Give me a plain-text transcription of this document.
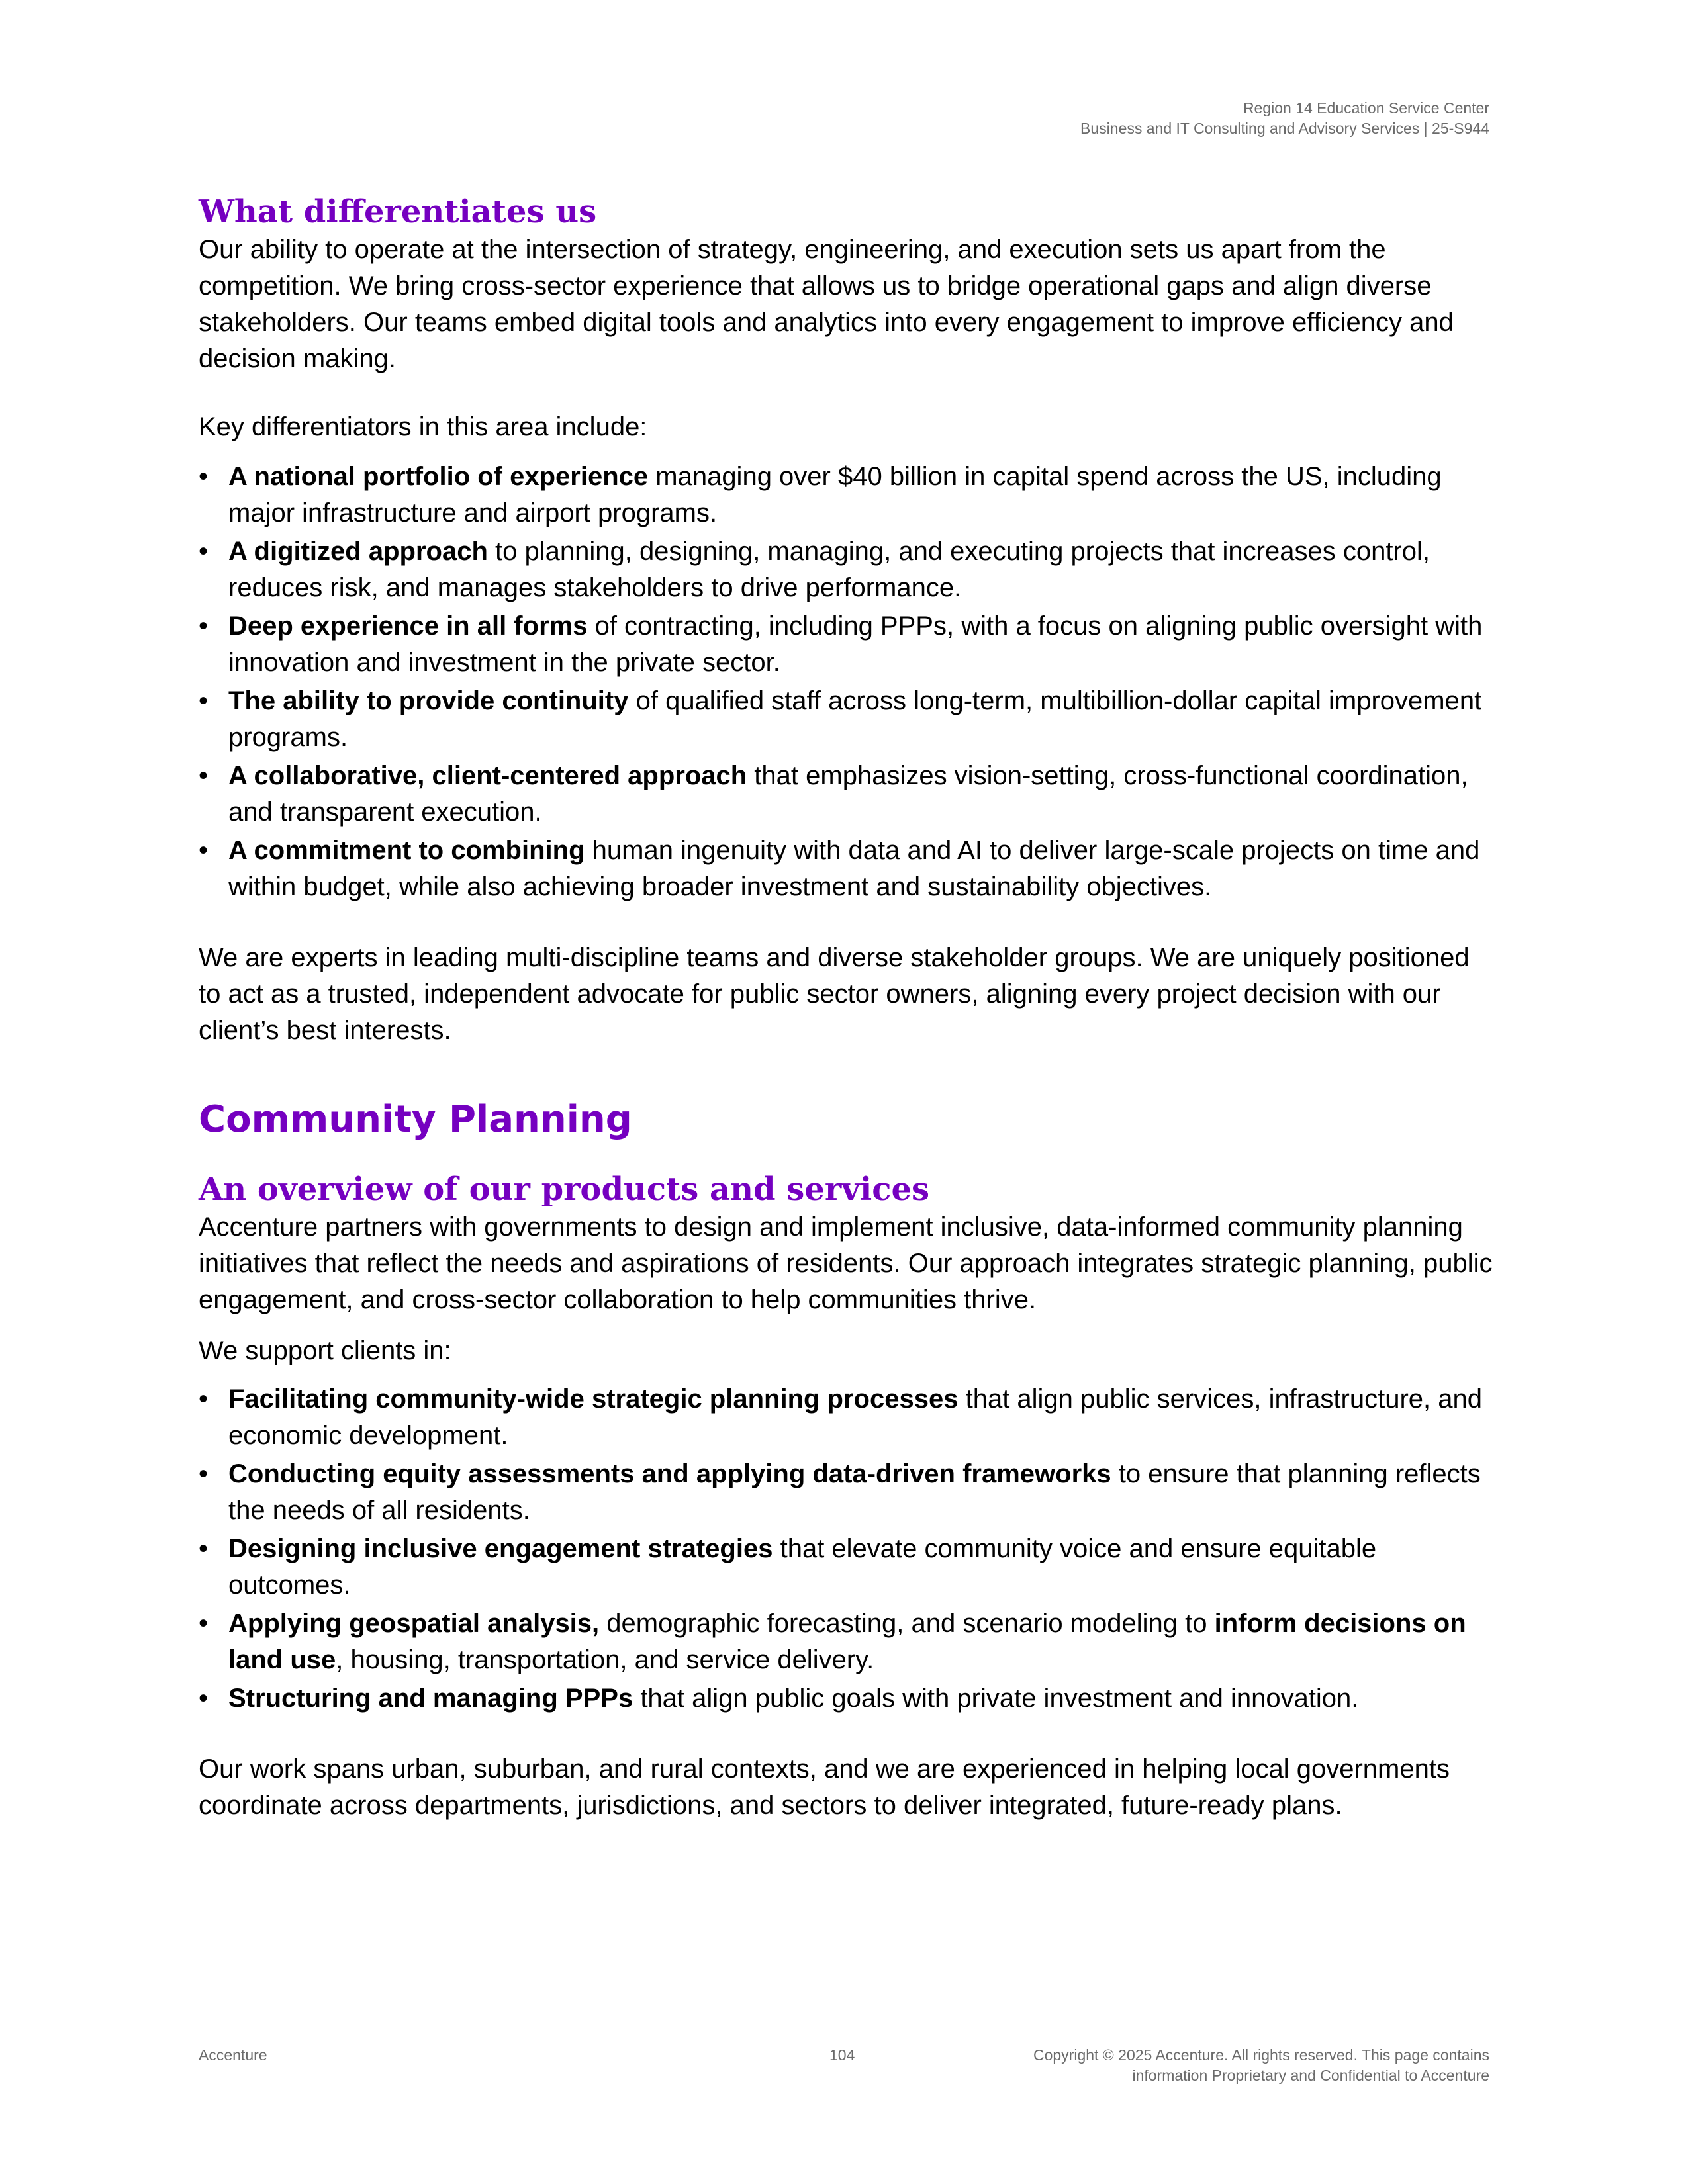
Region 14 Education Service Center
Business and IT Consulting and Advisory Services | 25-S944
What differentiates us

Our ability to operate at the intersection of strategy, engineering, and execution sets us apart from the competition. We bring cross-sector experience that allows us to bridge operational gaps and align diverse stakeholders. Our teams embed digital tools and analytics into every engagement to improve efficiency and decision making.

Key differentiators in this area include:

• A national portfolio of experience managing over $40 billion in capital spend across the US, including major infrastructure and airport programs.
• A digitized approach to planning, designing, managing, and executing projects that increases control, reduces risk, and manages stakeholders to drive performance.
• Deep experience in all forms of contracting, including PPPs, with a focus on aligning public oversight with innovation and investment in the private sector.
• The ability to provide continuity of qualified staff across long-term, multibillion-dollar capital improvement programs.
• A collaborative, client-centered approach that emphasizes vision-setting, cross-functional coordination, and transparent execution.
• A commitment to combining human ingenuity with data and AI to deliver large-scale projects on time and within budget, while also achieving broader investment and sustainability objectives.

We are experts in leading multi-discipline teams and diverse stakeholder groups. We are uniquely positioned to act as a trusted, independent advocate for public sector owners, aligning every project decision with our client’s best interests.

Community Planning
An overview of our products and services

Accenture partners with governments to design and implement inclusive, data-informed community planning initiatives that reflect the needs and aspirations of residents. Our approach integrates strategic planning, public engagement, and cross-sector collaboration to help communities thrive.

We support clients in:

• Facilitating community-wide strategic planning processes that align public services, infrastructure, and economic development.
• Conducting equity assessments and applying data-driven frameworks to ensure that planning reflects the needs of all residents.
• Designing inclusive engagement strategies that elevate community voice and ensure equitable outcomes.
• Applying geospatial analysis, demographic forecasting, and scenario modeling to inform decisions on land use, housing, transportation, and service delivery.
• Structuring and managing PPPs that align public goals with private investment and innovation.

Our work spans urban, suburban, and rural contexts, and we are experienced in helping local governments coordinate across departments, jurisdictions, and sectors to deliver integrated, future-ready plans.

Accenture	104	Copyright © 2025 Accenture. All rights reserved. This page contains
information Proprietary and Confidential to Accenture
